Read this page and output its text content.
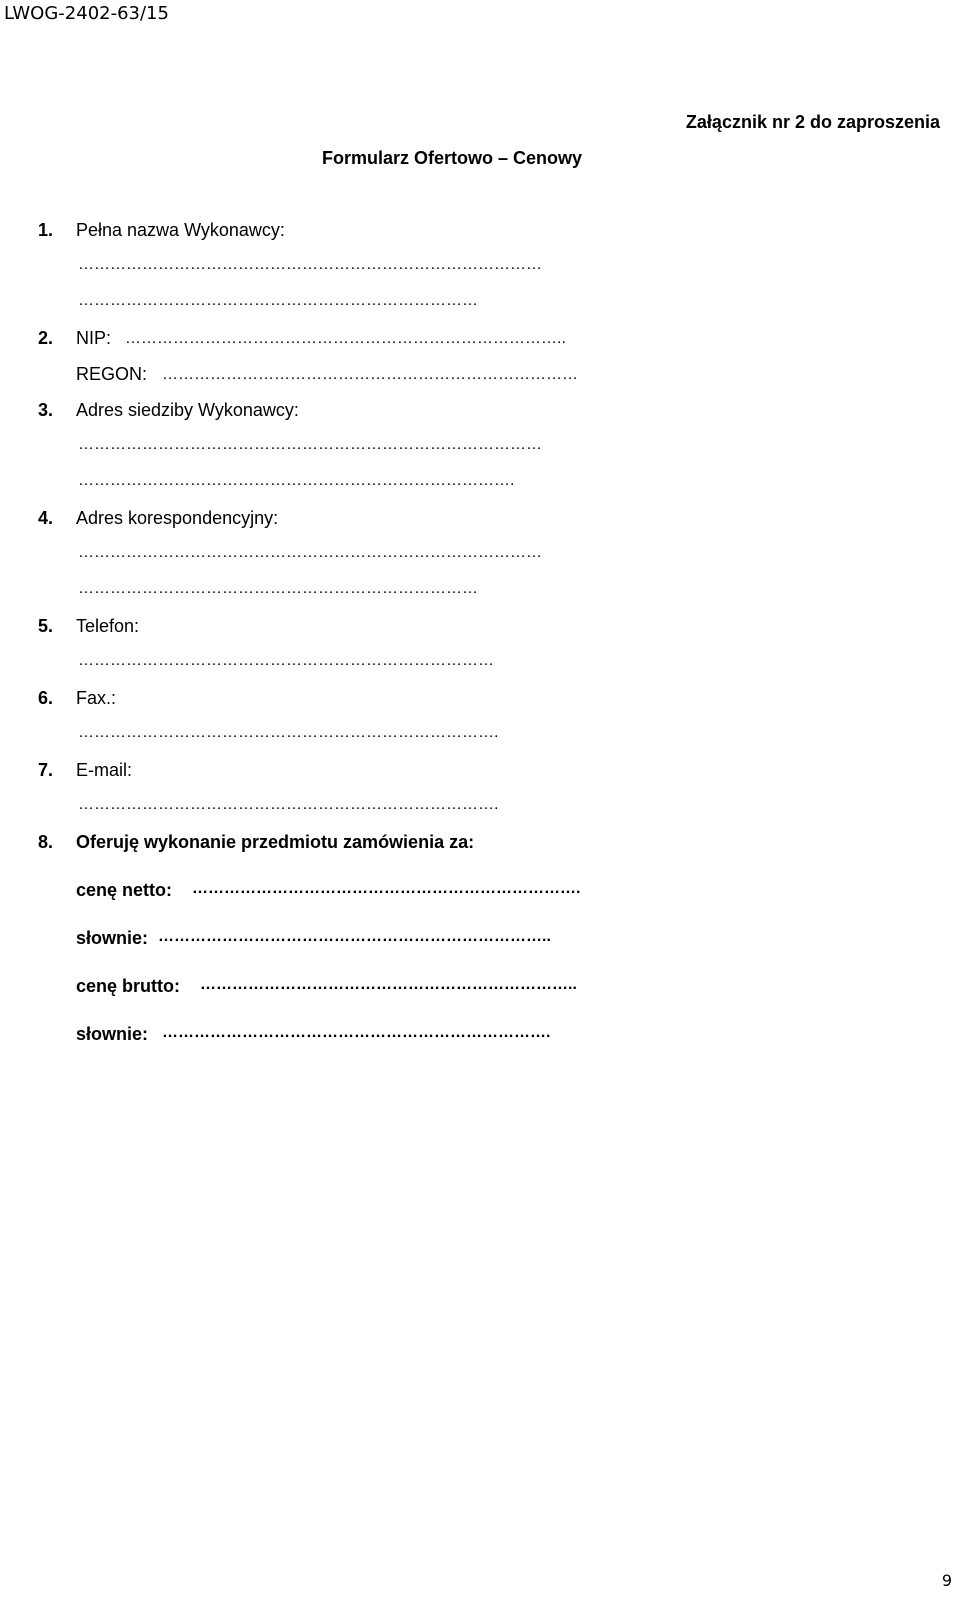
LWOG-2402-63/15
Załącznik nr 2 do zaproszenia
Formularz Ofertowo – Cenowy
1. Pełna nazwa Wykonawcy:
……………………………………………………………………………
…………………………………………………………………
2. NIP: ………………………………………………………………………..
REGON: ……………………………………………………………………
3. Adres siedziby Wykonawcy:
……………………………………………………………………………
……………………………………………………………………….
4. Adres korespondencyjny:
……………………………………………………………………………
…………………………………………………………………
5. Telefon:
……………………………………………………………………
6. Fax.:
…………………………………………………………………….
7. E-mail:
…………………………………………………………………….
8. Oferuję wykonanie przedmiotu zamówienia za:
cenę netto: ……………………………………………………………….
słownie: ………………………………………………………………..
cenę brutto: ……………………………………………………………..
słownie: ……………………………………………………………….
9
